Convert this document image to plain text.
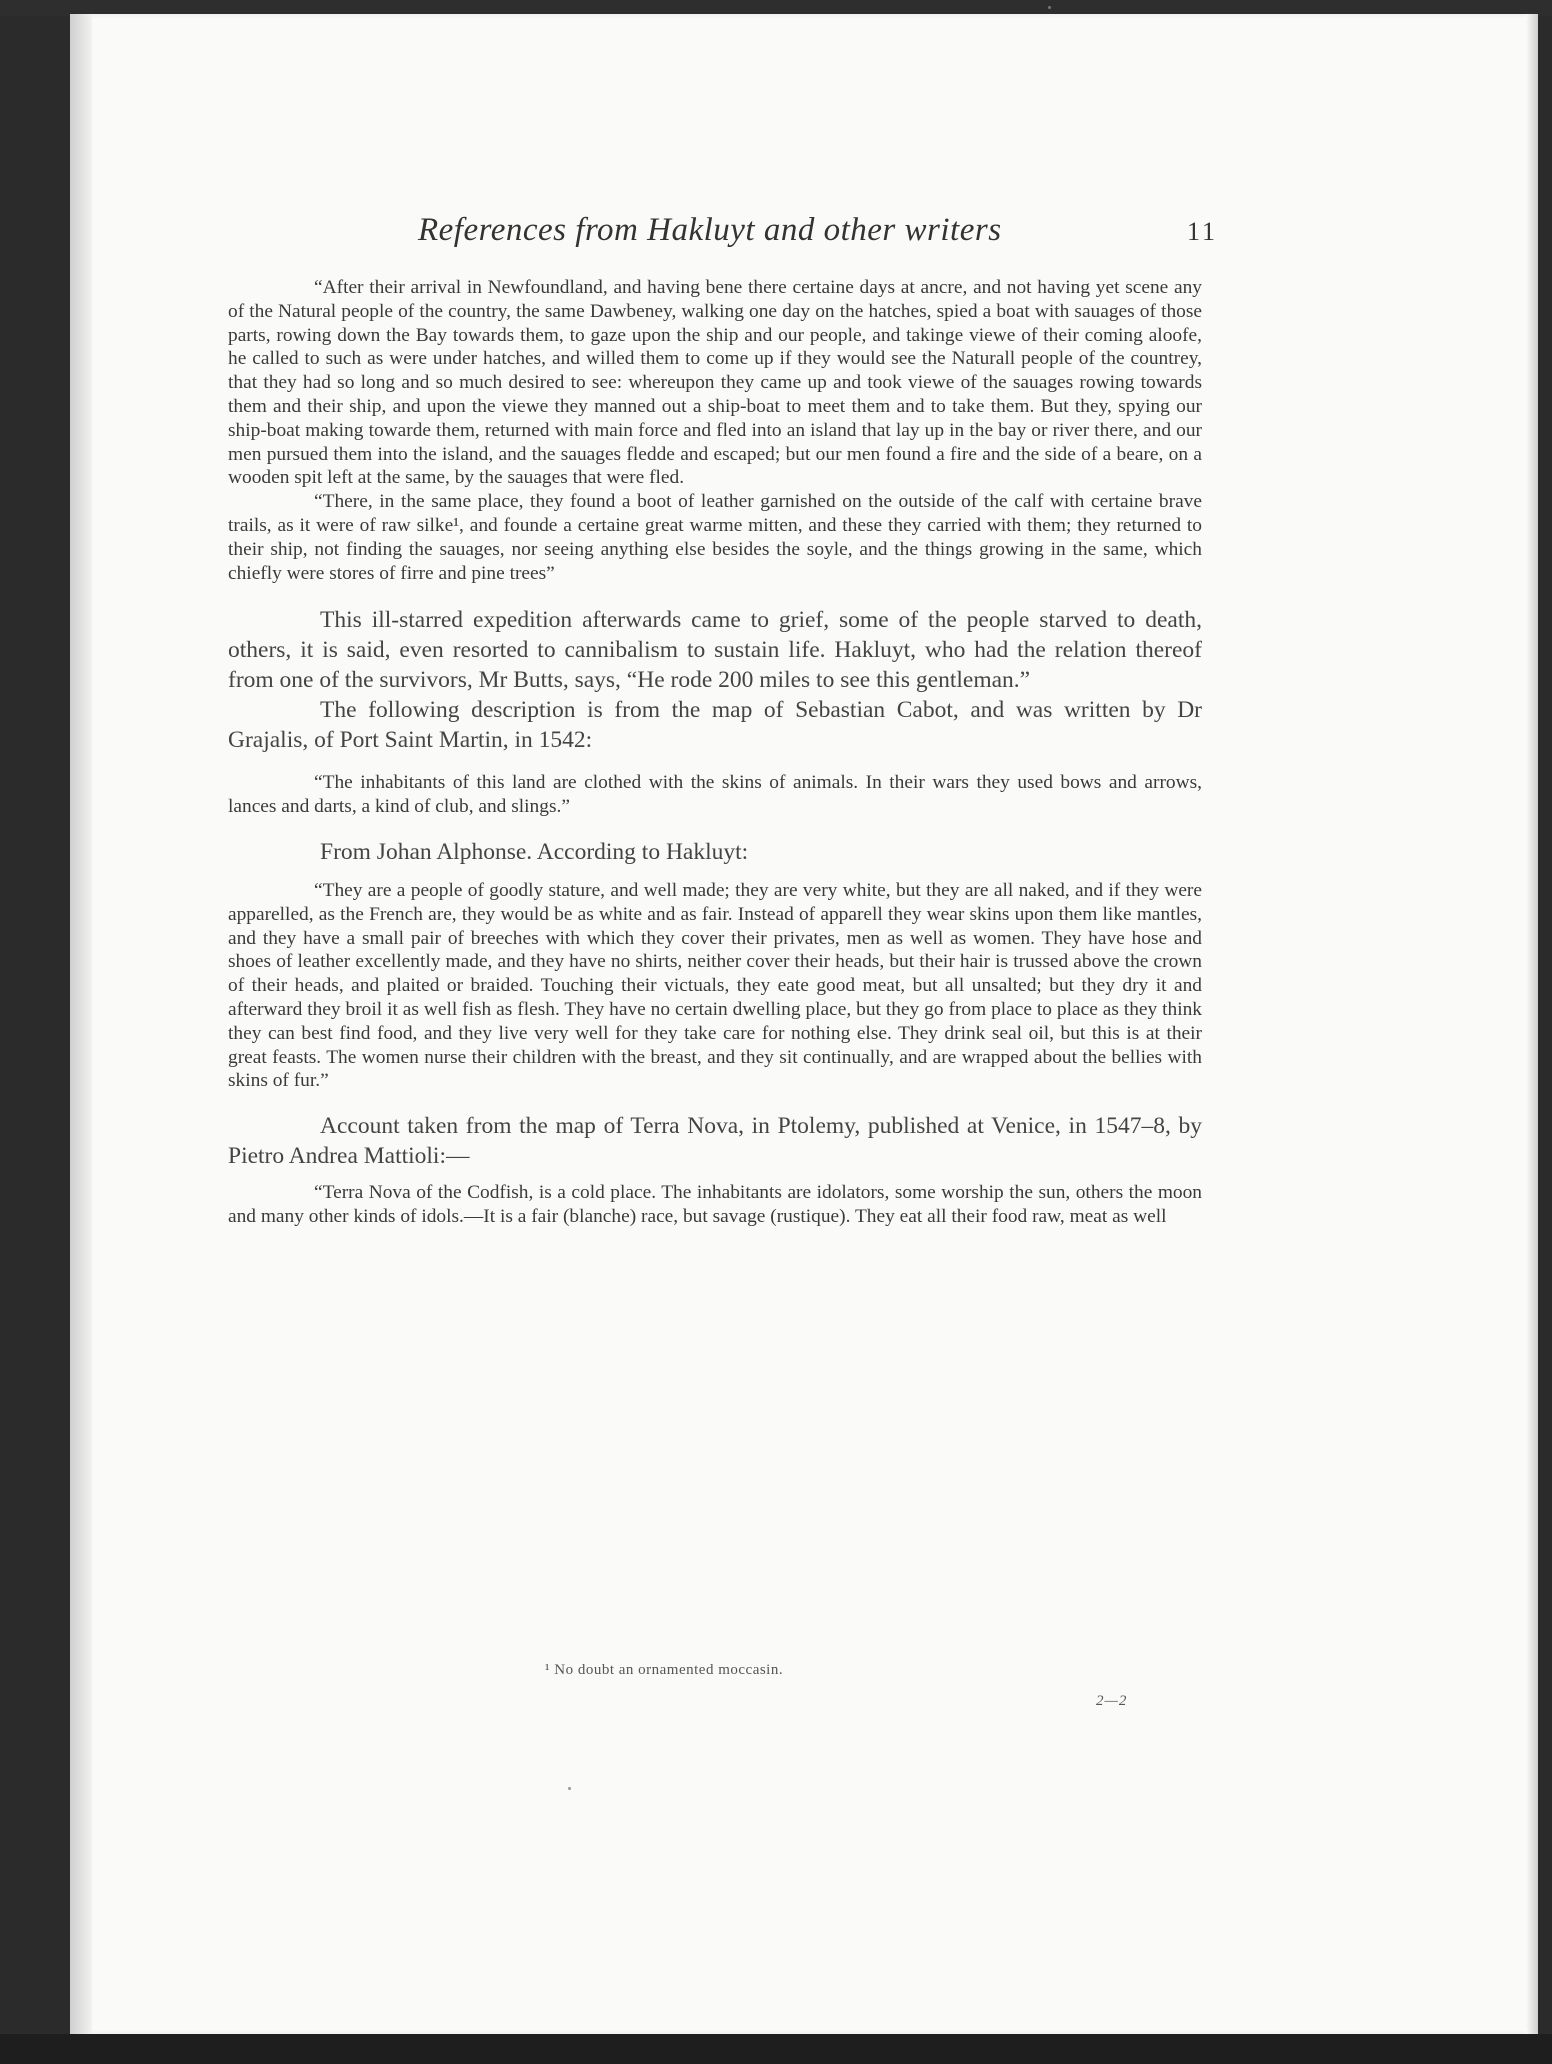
References from Hakluyt and other writers	11

“After their arrival in Newfoundland, and having bene there certaine days at ancre, and not having yet scene any of the Natural people of the country, the same Dawbeney, walking one day on the hatches, spied a boat with sauages of those parts, rowing down the Bay towards them, to gaze upon the ship and our people, and takinge viewe of their coming aloofe, he called to such as were under hatches, and willed them to come up if they would see the Naturall people of the countrey, that they had so long and so much desired to see: whereupon they came up and took viewe of the sauages rowing towards them and their ship, and upon the viewe they manned out a ship-boat to meet them and to take them. But they, spying our ship-boat making towarde them, returned with main force and fled into an island that lay up in the bay or river there, and our men pursued them into the island, and the sauages fledde and escaped; but our men found a fire and the side of a beare, on a wooden spit left at the same, by the sauages that were fled.

“There, in the same place, they found a boot of leather garnished on the outside of the calf with certaine brave trails, as it were of raw silke¹, and founde a certaine great warme mitten, and these they carried with them; they returned to their ship, not finding the sauages, nor seeing anything else besides the soyle, and the things growing in the same, which chiefly were stores of firre and pine trees”

This ill-starred expedition afterwards came to grief, some of the people starved to death, others, it is said, even resorted to cannibalism to sustain life. Hakluyt, who had the relation thereof from one of the survivors, Mr Butts, says, “He rode 200 miles to see this gentleman.”

The following description is from the map of Sebastian Cabot, and was written by Dr Grajalis, of Port Saint Martin, in 1542:

“The inhabitants of this land are clothed with the skins of animals. In their wars they used bows and arrows, lances and darts, a kind of club, and slings.”

From Johan Alphonse. According to Hakluyt:

“They are a people of goodly stature, and well made; they are very white, but they are all naked, and if they were apparelled, as the French are, they would be as white and as fair. Instead of apparell they wear skins upon them like mantles, and they have a small pair of breeches with which they cover their privates, men as well as women. They have hose and shoes of leather excellently made, and they have no shirts, neither cover their heads, but their hair is trussed above the crown of their heads, and plaited or braided. Touching their victuals, they eate good meat, but all unsalted; but they dry it and afterward they broil it as well fish as flesh. They have no certain dwelling place, but they go from place to place as they think they can best find food, and they live very well for they take care for nothing else. They drink seal oil, but this is at their great feasts. The women nurse their children with the breast, and they sit continually, and are wrapped about the bellies with skins of fur.”

Account taken from the map of Terra Nova, in Ptolemy, published at Venice, in 1547–8, by Pietro Andrea Mattioli:—

“Terra Nova of the Codfish, is a cold place. The inhabitants are idolators, some worship the sun, others the moon and many other kinds of idols.—It is a fair (blanche) race, but savage (rustique). They eat all their food raw, meat as well

¹ No doubt an ornamented moccasin.
2—2
